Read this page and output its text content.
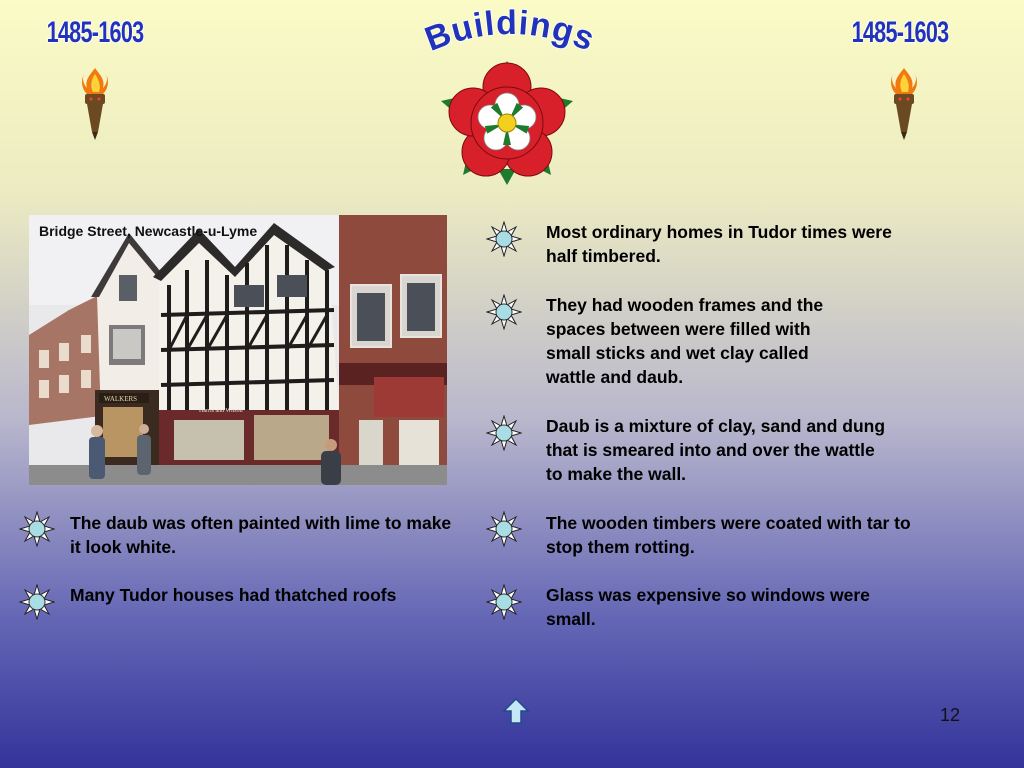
1485-1603	1485-1603
Buildings
WALKERS
Harris and Wilson
Bridge Street, Newcastle-u-Lyme	Most ordinary homes in Tudor times were half timbered.
They had wooden frames and the spaces between were filled with small sticks and wet clay called wattle and daub.
Daub is a mixture of clay, sand and dung that is smeared into and over the wattle to make the wall.
The wooden timbers were coated with tar to stop them rotting.
Glass was expensive so windows were small.
The daub was often painted with lime to make it look white.
Many Tudor houses had thatched roofs
12
